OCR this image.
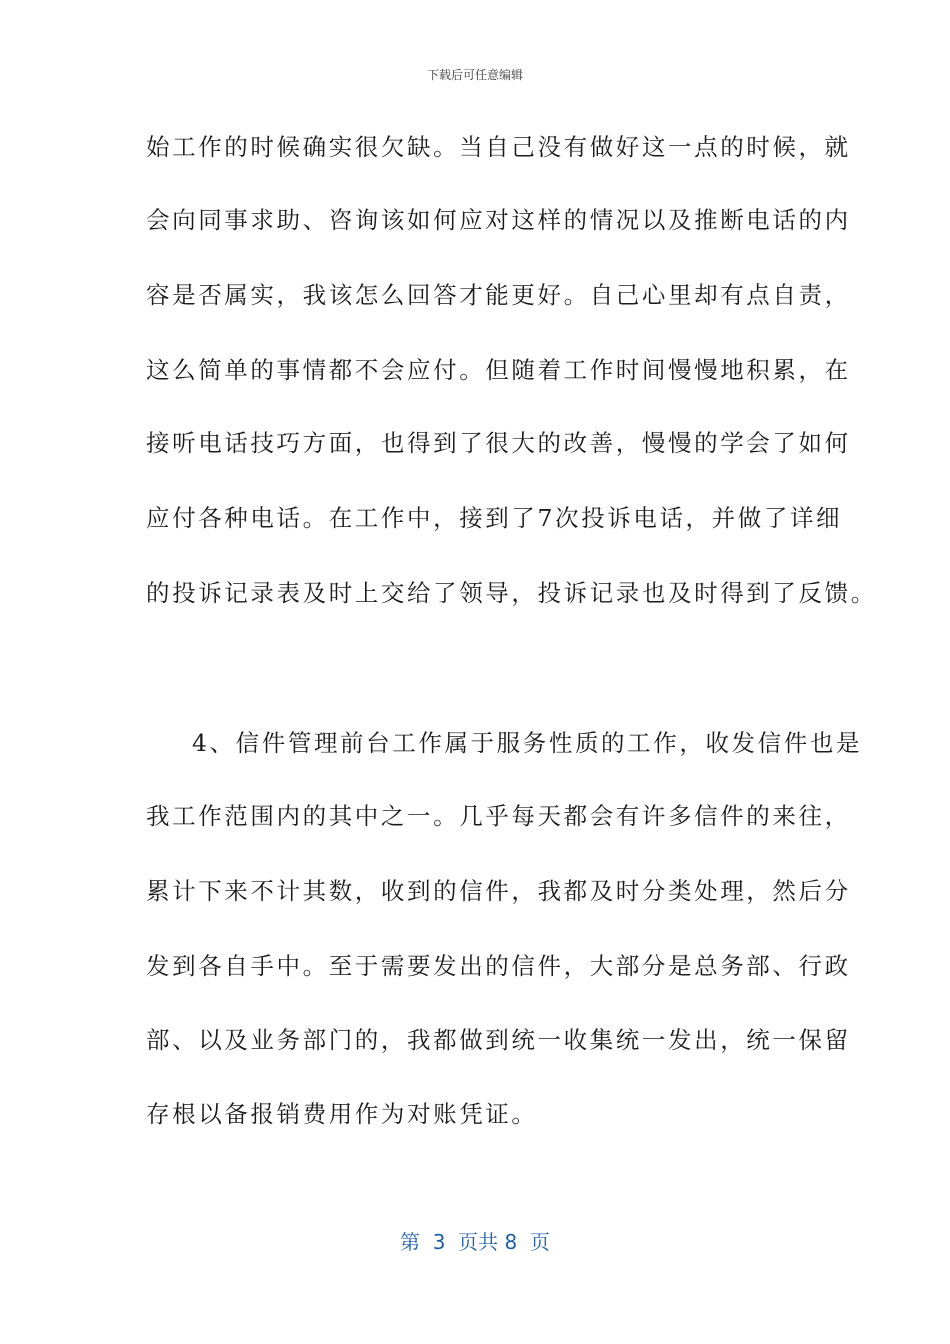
下载后可任意编辑
始工作的时候确实很欠缺。当自己没有做好这一点的时候，就
会向同事求助、咨询该如何应对这样的情况以及推断电话的内
容是否属实，我该怎么回答才能更好。自己心里却有点自责，
这么简单的事情都不会应付。但随着工作时间慢慢地积累，在
接听电话技巧方面，也得到了很大的改善，慢慢的学会了如何
应付各种电话。在工作中，接到了7次投诉电话，并做了详细
的投诉记录表及时上交给了领导，投诉记录也及时得到了反馈。
4、信件管理前台工作属于服务性质的工作，收发信件也是
我工作范围内的其中之一。几乎每天都会有许多信件的来往，
累计下来不计其数，收到的信件，我都及时分类处理，然后分
发到各自手中。至于需要发出的信件，大部分是总务部、行政
部、以及业务部门的，我都做到统一收集统一发出，统一保留
存根以备报销费用作为对账凭证。
第  3  页共 8  页
